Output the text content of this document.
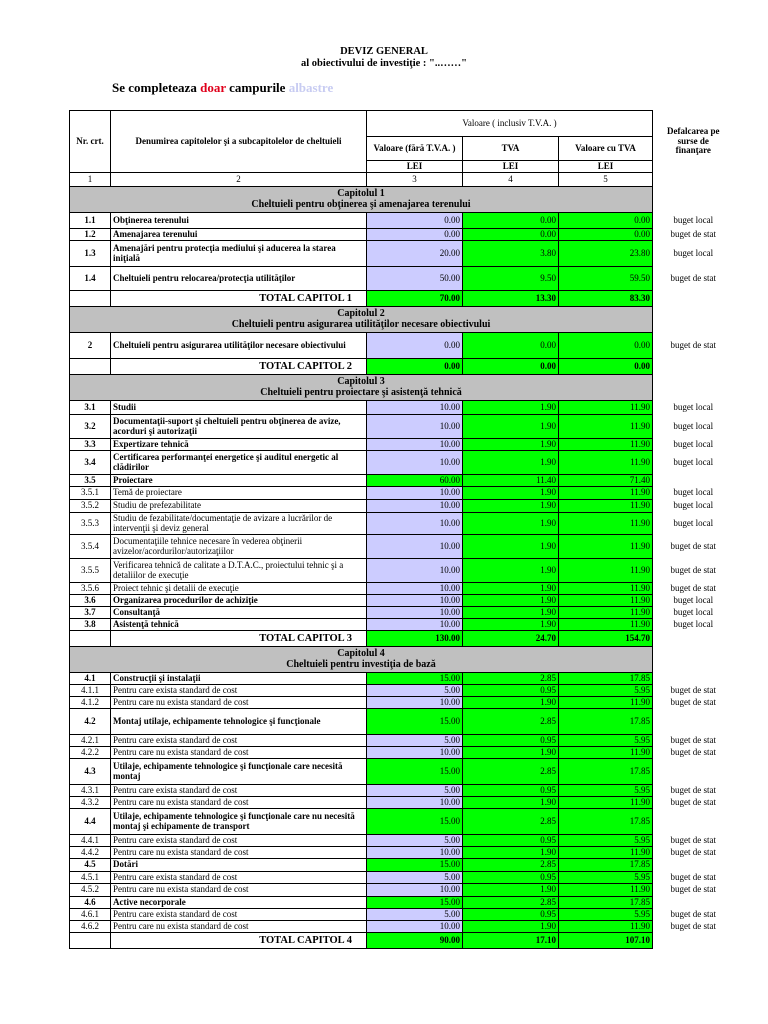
DEVIZ GENERAL
al obiectivului de investiţie : "..……"
Se completeaza doar campurile albastre
Nr. crt.	Denumirea capitolelor şi a subcapitolelor de cheltuieli	Valoare ( inclusiv T.V.A. )			Defalcarea pe surse de finanţare
		Valoare (fără T.V.A. )	TVA	Valoare cu TVA	
		LEI	LEI	LEI	
1	2	3	4	5	

Capitolul 1
Cheltuieli pentru obţinerea şi amenajarea terenului					

1.1	Obţinerea terenului	0.00	0.00	0.00	buget local
1.2	Amenajarea terenului	0.00	0.00	0.00	buget de stat
1.3	Amenajări pentru protecţia mediului şi aducerea la starea iniţială	20.00	3.80	23.80	buget local
1.4	Cheltuieli pentru relocarea/protecţia utilităţilor	50.00	9.50	59.50	buget de stat
	TOTAL CAPITOL 1	70.00	13.30	83.30	

Capitolul 2
Cheltuieli pentru asigurarea utilităţilor necesare obiectivului					

2	Cheltuieli pentru asigurarea utilităţilor necesare obiectivului	0.00	0.00	0.00	buget de stat
	TOTAL CAPITOL 2	0.00	0.00	0.00	

Capitolul 3
Cheltuieli pentru proiectare şi asistenţă tehnică					

3.1	Studii	10.00	1.90	11.90	buget local
3.2	Documentaţii-suport şi cheltuieli pentru obţinerea de avize, acorduri şi autorizaţii	10.00	1.90	11.90	buget local
3.3	Expertizare tehnică	10.00	1.90	11.90	buget local
3.4	Certificarea performanţei energetice şi auditul energetic al clădirilor	10.00	1.90	11.90	buget local
3.5	Proiectare	60.00	11.40	71.40	
3.5.1	Temă de proiectare	10.00	1.90	11.90	buget local
3.5.2	Studiu de prefezabilitate	10.00	1.90	11.90	buget local
3.5.3	Studiu de fezabilitate/documentaţie de avizare a lucrărilor de intervenţii şi deviz general	10.00	1.90	11.90	buget local
3.5.4	Documentaţiile tehnice necesare în vederea obţinerii avizelor/acordurilor/autorizaţiilor	10.00	1.90	11.90	buget de stat
3.5.5	Verificarea tehnică de calitate a D.T.A.C., proiectului tehnic şi a detaliilor de execuţie	10.00	1.90	11.90	buget de stat
3.5.6	Proiect tehnic şi detalii de execuţie	10.00	1.90	11.90	buget de stat
3.6	Organizarea procedurilor de achiziţie	10.00	1.90	11.90	buget local
3.7	Consultanţă	10.00	1.90	11.90	buget local
3.8	Asistenţă tehnică	10.00	1.90	11.90	buget local
	TOTAL CAPITOL 3	130.00	24.70	154.70	

Capitolul 4
Cheltuieli pentru investiţia de bază					

4.1	Construcţii şi instalaţii	15.00	2.85	17.85	
4.1.1	Pentru care exista standard de cost	5.00	0.95	5.95	buget de stat
4.1.2	Pentru care nu exista standard de cost	10.00	1.90	11.90	buget de stat
4.2	Montaj utilaje, echipamente tehnologice şi funcţionale	15.00	2.85	17.85	
4.2.1	Pentru care exista standard de cost	5.00	0.95	5.95	buget de stat
4.2.2	Pentru care nu exista standard de cost	10.00	1.90	11.90	buget de stat
4.3	Utilaje, echipamente tehnologice şi funcţionale care necesită montaj	15.00	2.85	17.85	
4.3.1	Pentru care exista standard de cost	5.00	0.95	5.95	buget de stat
4.3.2	Pentru care nu exista standard de cost	10.00	1.90	11.90	buget de stat
4.4	Utilaje, echipamente tehnologice şi funcţionale care nu necesită montaj şi echipamente de transport	15.00	2.85	17.85	
4.4.1	Pentru care exista standard de cost	5.00	0.95	5.95	buget de stat
4.4.2	Pentru care nu exista standard de cost	10.00	1.90	11.90	buget de stat
4.5	Dotări	15.00	2.85	17.85	
4.5.1	Pentru care exista standard de cost	5.00	0.95	5.95	buget de stat
4.5.2	Pentru care nu exista standard de cost	10.00	1.90	11.90	buget de stat
4.6	Active necorporale	15.00	2.85	17.85	
4.6.1	Pentru care exista standard de cost	5.00	0.95	5.95	buget de stat
4.6.2	Pentru care nu exista standard de cost	10.00	1.90	11.90	buget de stat
	TOTAL CAPITOL 4	90.00	17.10	107.10	
